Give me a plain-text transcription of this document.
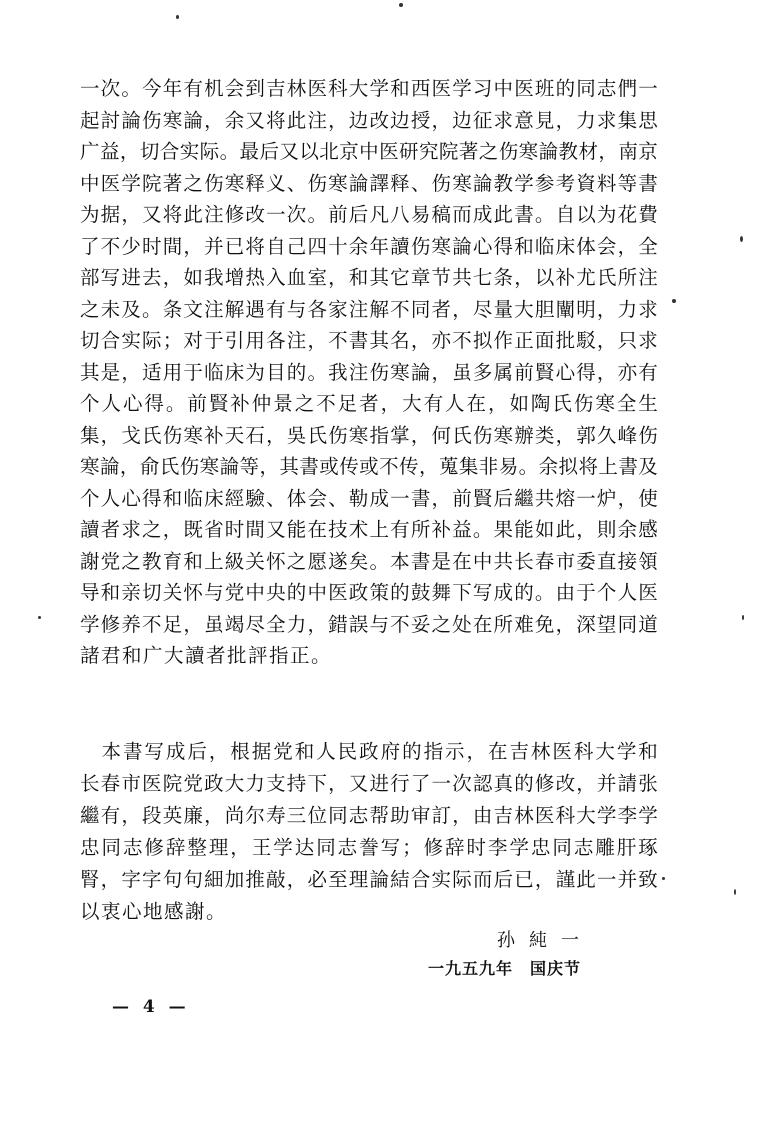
一次。今年有机会到吉林医科大学和西医学习中医班的同志們一
起討論伤寒論，余又将此注，边改边授，边征求意見，力求集思
广益，切合实际。最后又以北京中医研究院著之伤寒論教材，南京
中医学院著之伤寒释义、伤寒論譯释、伤寒論教学参考資料等書
为据，又将此注修改一次。前后凡八易稿而成此書。自以为花費
了不少时間，并已将自己四十余年讀伤寒論心得和临床体会，全
部写进去，如我增热入血室，和其它章节共七条，以补尤氏所注
之未及。条文注解遇有与各家注解不同者，尽量大胆闡明，力求
切合实际；对于引用各注，不書其名，亦不拟作正面批駁，只求
其是，适用于临床为目的。我注伤寒論，虽多属前賢心得，亦有
个人心得。前賢补仲景之不足者，大有人在，如陶氏伤寒全生
集，戈氏伤寒补天石，吳氏伤寒指掌，何氏伤寒辦类，郭久峰伤
寒論，俞氏伤寒論等，其書或传或不传，蒐集非易。余拟将上書及
个人心得和临床經驗、体会、勒成一書，前賢后繼共熔一炉，使
讀者求之，既省时間又能在技术上有所补益。果能如此，則余感
謝党之教育和上級关怀之愿遂矣。本書是在中共长春市委直接領
导和亲切关怀与党中央的中医政策的鼓舞下写成的。由于个人医
学修养不足，虽竭尽全力，錯誤与不妥之处在所难免，深望同道
諸君和广大讀者批評指正。
　本書写成后，根据党和人民政府的指示，在吉林医科大学和
长春市医院党政大力支持下，又进行了一次認真的修改，并請张
繼有，段英廉，尚尔寿三位同志帮助审訂，由吉林医科大学李学
忠同志修辞整理，王学达同志誊写；修辞时李学忠同志雕肝琢
腎，字字句句細加推敲，必至理論結合实际而后已，謹此一并致
以衷心地感謝。
孙純一
一九五九年　国庆节
— 4 —
